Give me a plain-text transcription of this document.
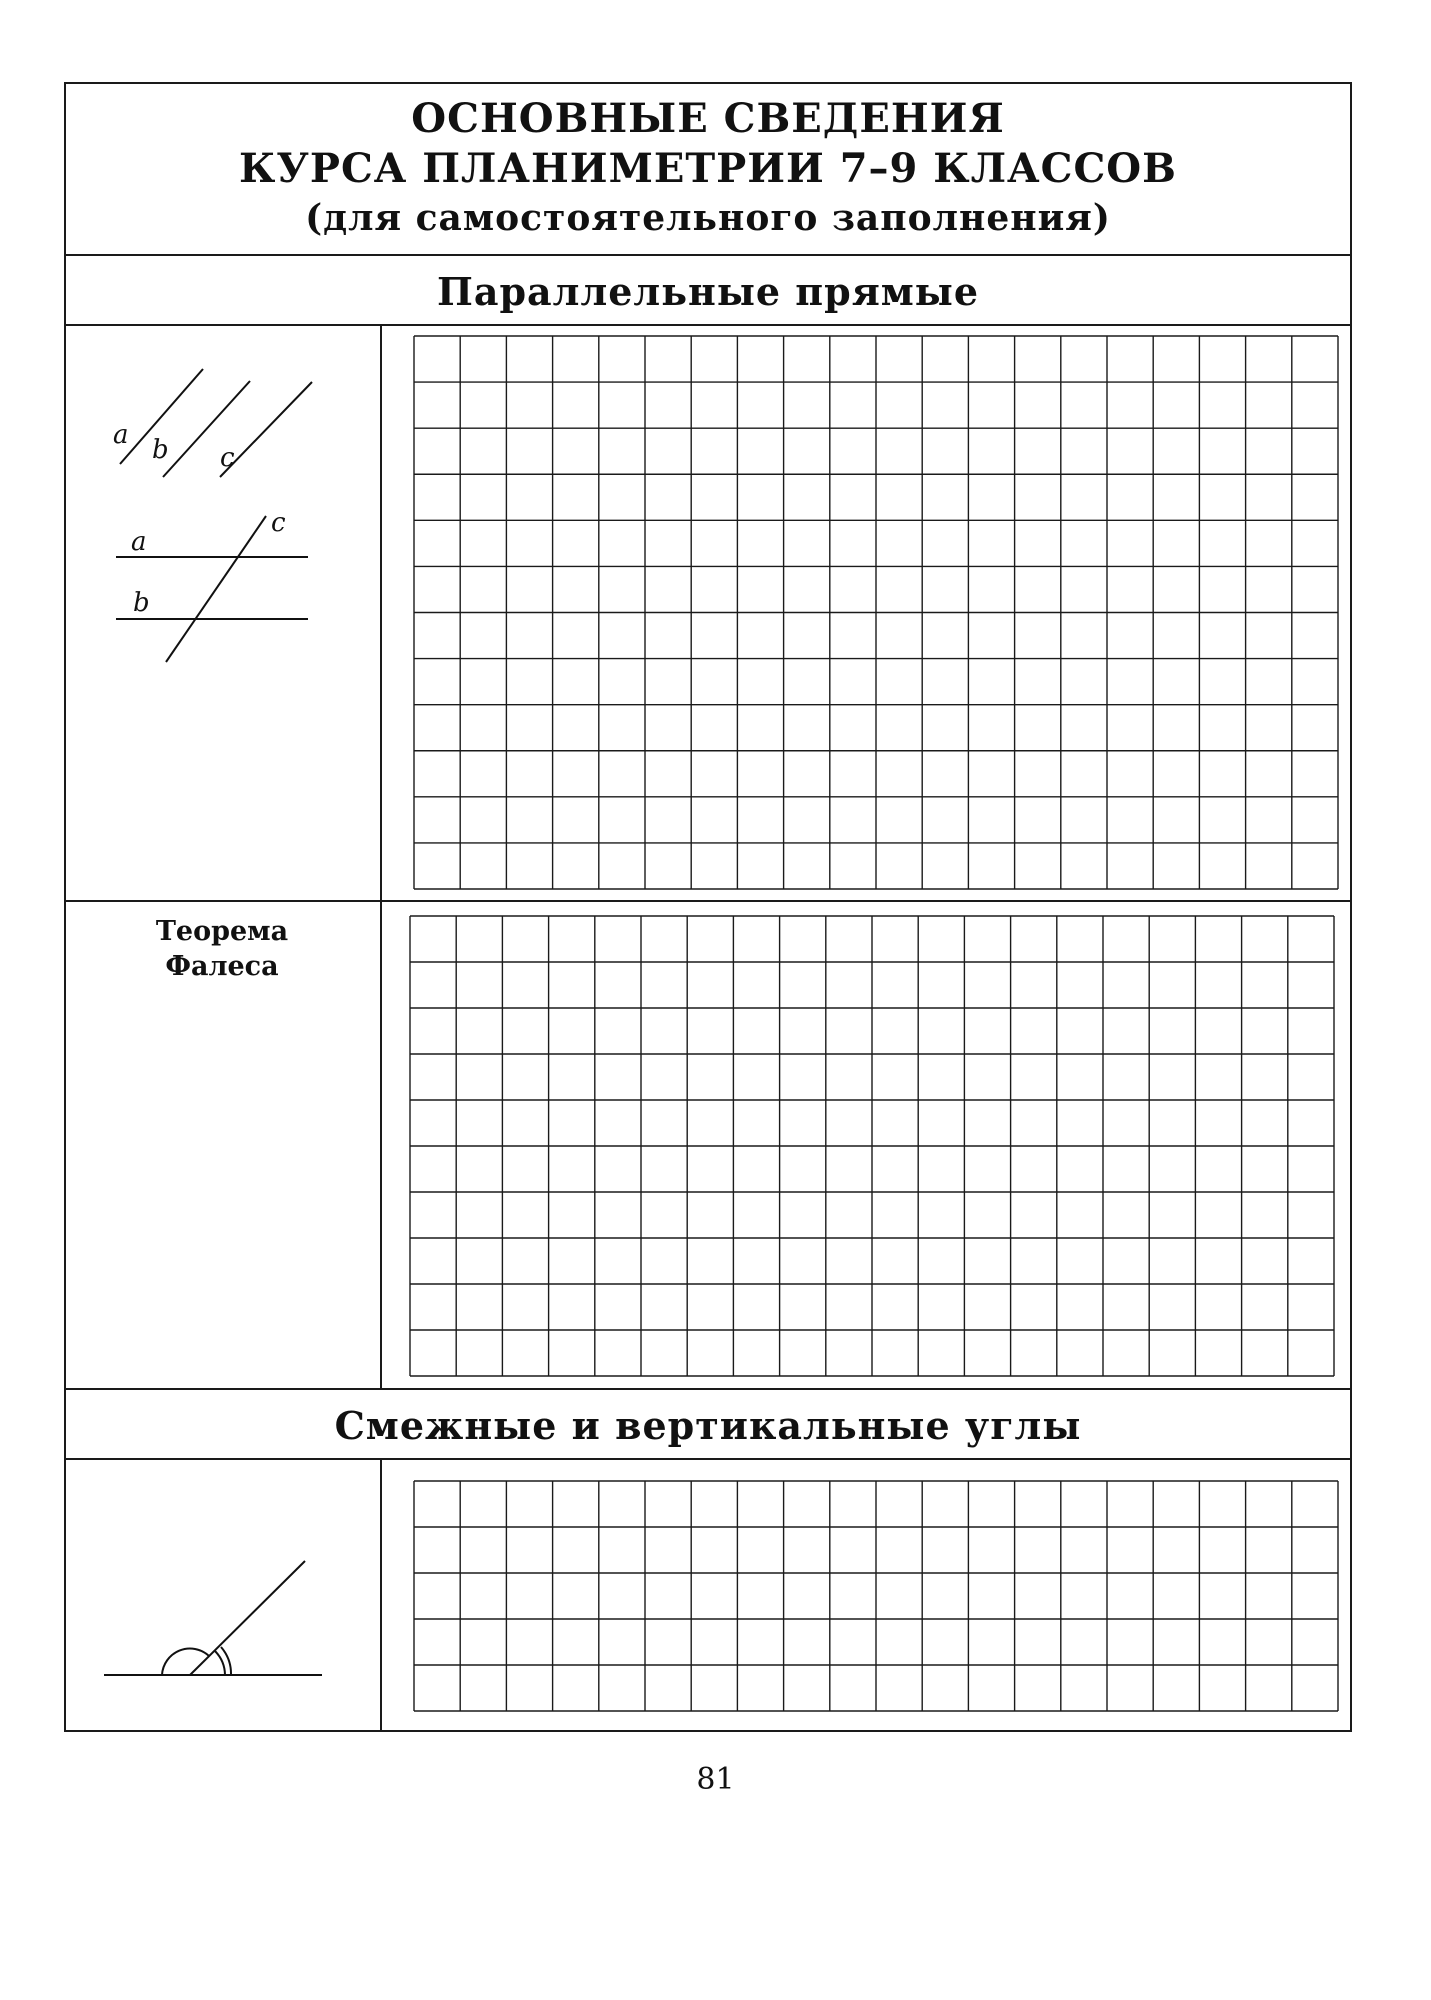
ОСНОВНЫЕ СВЕДЕНИЯ
КУРСА ПЛАНИМЕТРИИ 7–9 КЛАССОВ
(для самостоятельного заполнения)
Параллельные прямые
Смежные и вертикальные углы
Теорема
Фалеса
a b c
a
b
c
81
